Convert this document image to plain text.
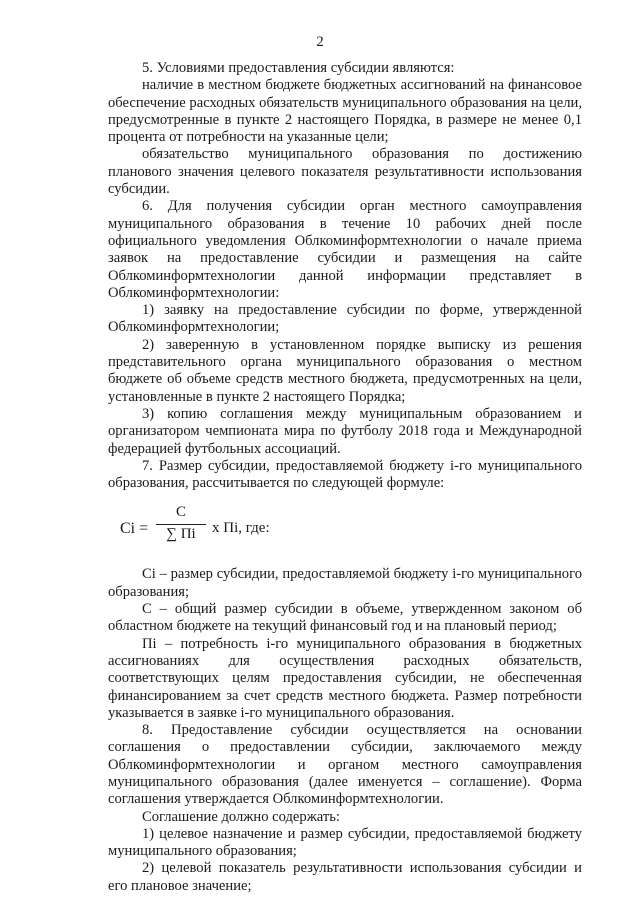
2

5. Условиями предоставления субсидии являются:

наличие в местном бюджете бюджетных ассигнований на финансовое обеспечение расходных обязательств муниципального образования на цели, предусмотренные в пункте 2 настоящего Порядка, в размере не менее 0,1 процента от потребности на указанные цели;

обязательство муниципального образования по достижению планового значения целевого показателя результативности использования субсидии.

6. Для получения субсидии орган местного самоуправления муниципального образования в течение 10 рабочих дней после официального уведомления Облкоминформтехнологии о начале приема заявок на предоставление субсидии и размещения на сайте Облкоминформтехнологии данной информации представляет в Облкоминформтехнологии:

1) заявку на предоставление субсидии по форме, утвержденной Облкоминформтехнологии;

2) заверенную в установленном порядке выписку из решения представительного органа муниципального образования о местном бюджете об объеме средств местного бюджета, предусмотренных на цели, установленные в пункте 2 настоящего Порядка;

3) копию соглашения между муниципальным образованием и организатором чемпионата мира по футболу 2018 года и Международной федерацией футбольных ассоциаций.

7. Размер субсидии, предоставляемой бюджету i-го муниципального образования, рассчитывается по следующей формуле:

Ci =
C
∑ Пi	x Пi, где:

Ci – размер субсидии, предоставляемой бюджету i-го муниципального образования;

С – общий размер субсидии в объеме, утвержденном законом об областном бюджете на текущий финансовый год и на плановый период;

Пi – потребность i-го муниципального образования в бюджетных ассигнованиях для осуществления расходных обязательств, соответствующих целям предоставления субсидии, не обеспеченная финансированием за счет средств местного бюджета. Размер потребности указывается в заявке i-го муниципального образования.

8. Предоставление субсидии осуществляется на основании соглашения о предоставлении субсидии, заключаемого между Облкоминформтехнологии и органом местного самоуправления муниципального образования (далее именуется – соглашение). Форма соглашения утверждается Облкоминформтехнологии.

Соглашение должно содержать:

1) целевое назначение и размер субсидии, предоставляемой бюджету муниципального образования;

2) целевой показатель результативности использования субсидии и его плановое значение;
